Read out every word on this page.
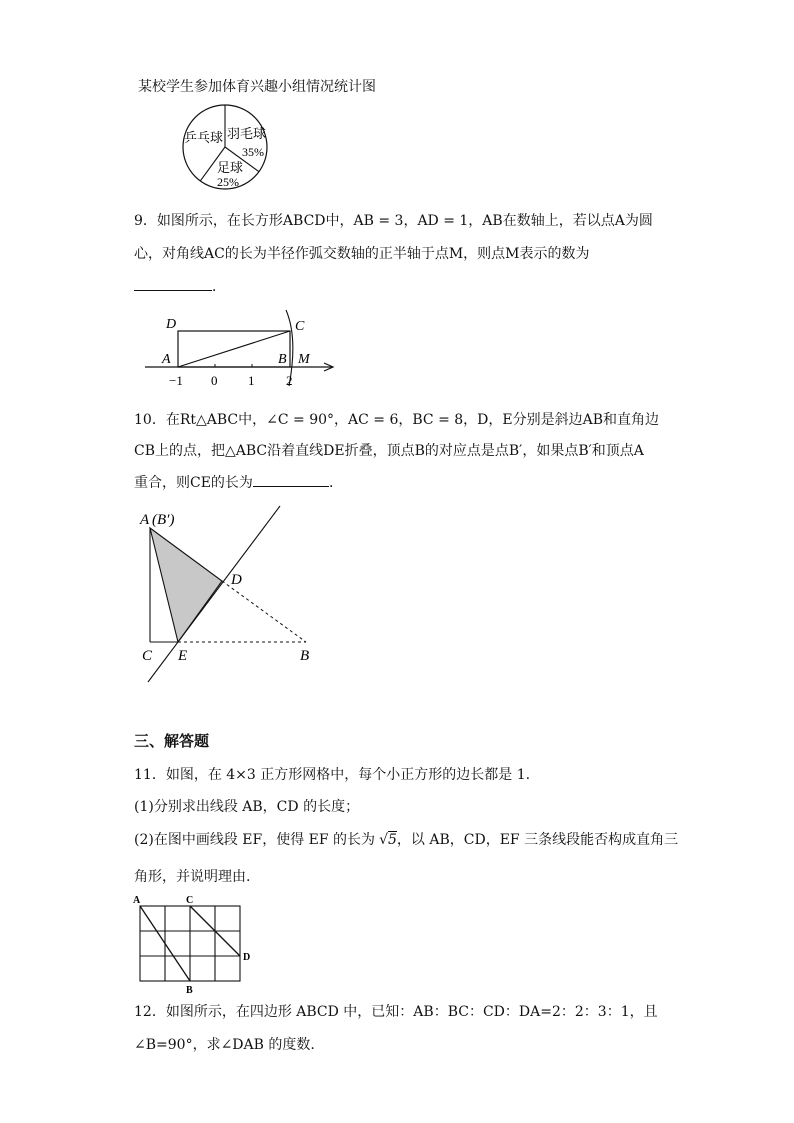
某校学生参加体育兴趣小组情况统计图
乒乓球 羽毛球
35%
足球
25%
9．如图所示，在长方形ABCD中，AB = 3，AD = 1，AB在数轴上，若以点A为圆
心，对角线AC的长为半径作弧交数轴的正半轴于点M，则点M表示的数为
．
D	C
A	B M
−1 0 1 2
10．在Rt△ABC中，∠C = 90°，AC = 6，BC = 8，D，E分别是斜边AB和直角边
CB上的点，把△ABC沿着直线DE折叠，顶点B的对应点是点B′，如果点B′和顶点A
重合，则CE的长为	．
A (B′)
D
C E	B
三、解答题
11．如图，在 4×3 正方形网格中，每个小正方形的边长都是 1.
(1)分别求出线段 AB，CD 的长度；
(2)在图中画线段 EF，使得 EF 的长为 √5，以 AB，CD，EF 三条线段能否构成直角三
角形，并说明理由.
A	C
D
B
12．如图所示，在四边形 ABCD 中，已知：AB：BC：CD：DA=2：2：3：1，且
∠B=90°，求∠DAB 的度数.
